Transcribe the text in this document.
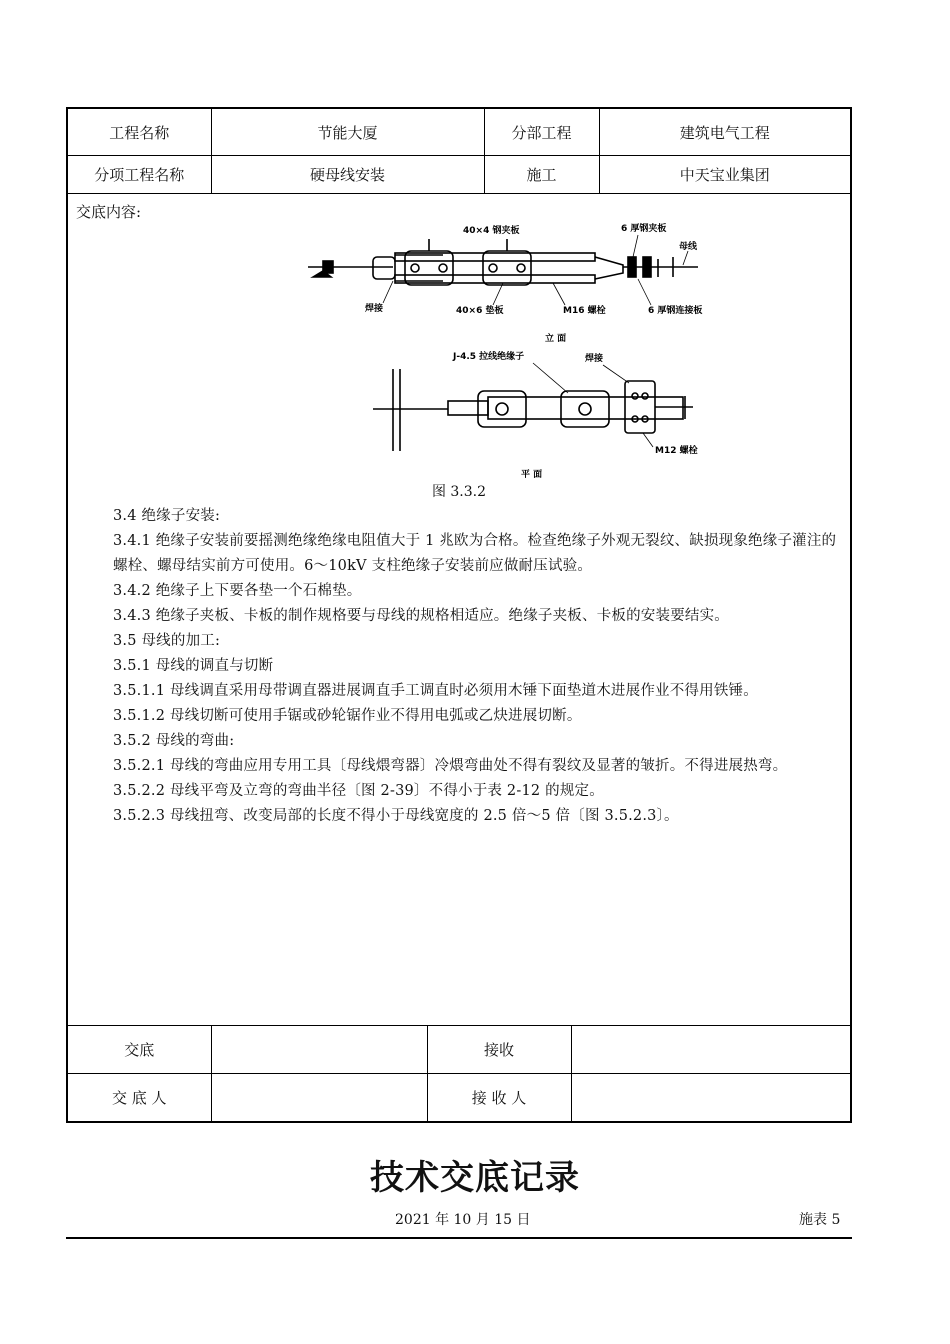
工程名称	节能大厦	分部工程	建筑电气工程
分项工程名称	硬母线安装	施工	中天宝业集团
交底内容:
40×4 钢夹板	6 厚钢夹板
母线
焊接	40×6 垫板	M16 螺栓	6 厚钢连接板
立 面
J-4.5 拉线绝缘子	焊接
M12 螺栓
平 面
图 3.3.2

3.4 绝缘子安装:

3.4.1 绝缘子安装前要摇测绝缘绝缘电阻值大于 1 兆欧为合格。检查绝缘子外观无裂纹、缺损现象绝缘子灌注的螺栓、螺母结实前方可使用。6～10kV 支柱绝缘子安装前应做耐压试验。

3.4.2 绝缘子上下要各垫一个石棉垫。

3.4.3 绝缘子夹板、卡板的制作规格要与母线的规格相适应。绝缘子夹板、卡板的安装要结实。

3.5 母线的加工:

3.5.1 母线的调直与切断

3.5.1.1 母线调直采用母带调直器进展调直手工调直时必须用木锤下面垫道木进展作业不得用铁锤。

3.5.1.2 母线切断可使用手锯或砂轮锯作业不得用电弧或乙炔进展切断。

3.5.2 母线的弯曲:

3.5.2.1 母线的弯曲应用专用工具〔母线煨弯器〕冷煨弯曲处不得有裂纹及显著的皱折。不得进展热弯。

3.5.2.2 母线平弯及立弯的弯曲半径〔图 2-39〕不得小于表 2-12 的规定。

3.5.2.3 母线扭弯、改变局部的长度不得小于母线宽度的 2.5 倍～5 倍〔图 3.5.2.3〕。

交底		接收	
交 底 人		接 收 人	
技术交底记录
2021 年 10 月 15 日	施表 5
